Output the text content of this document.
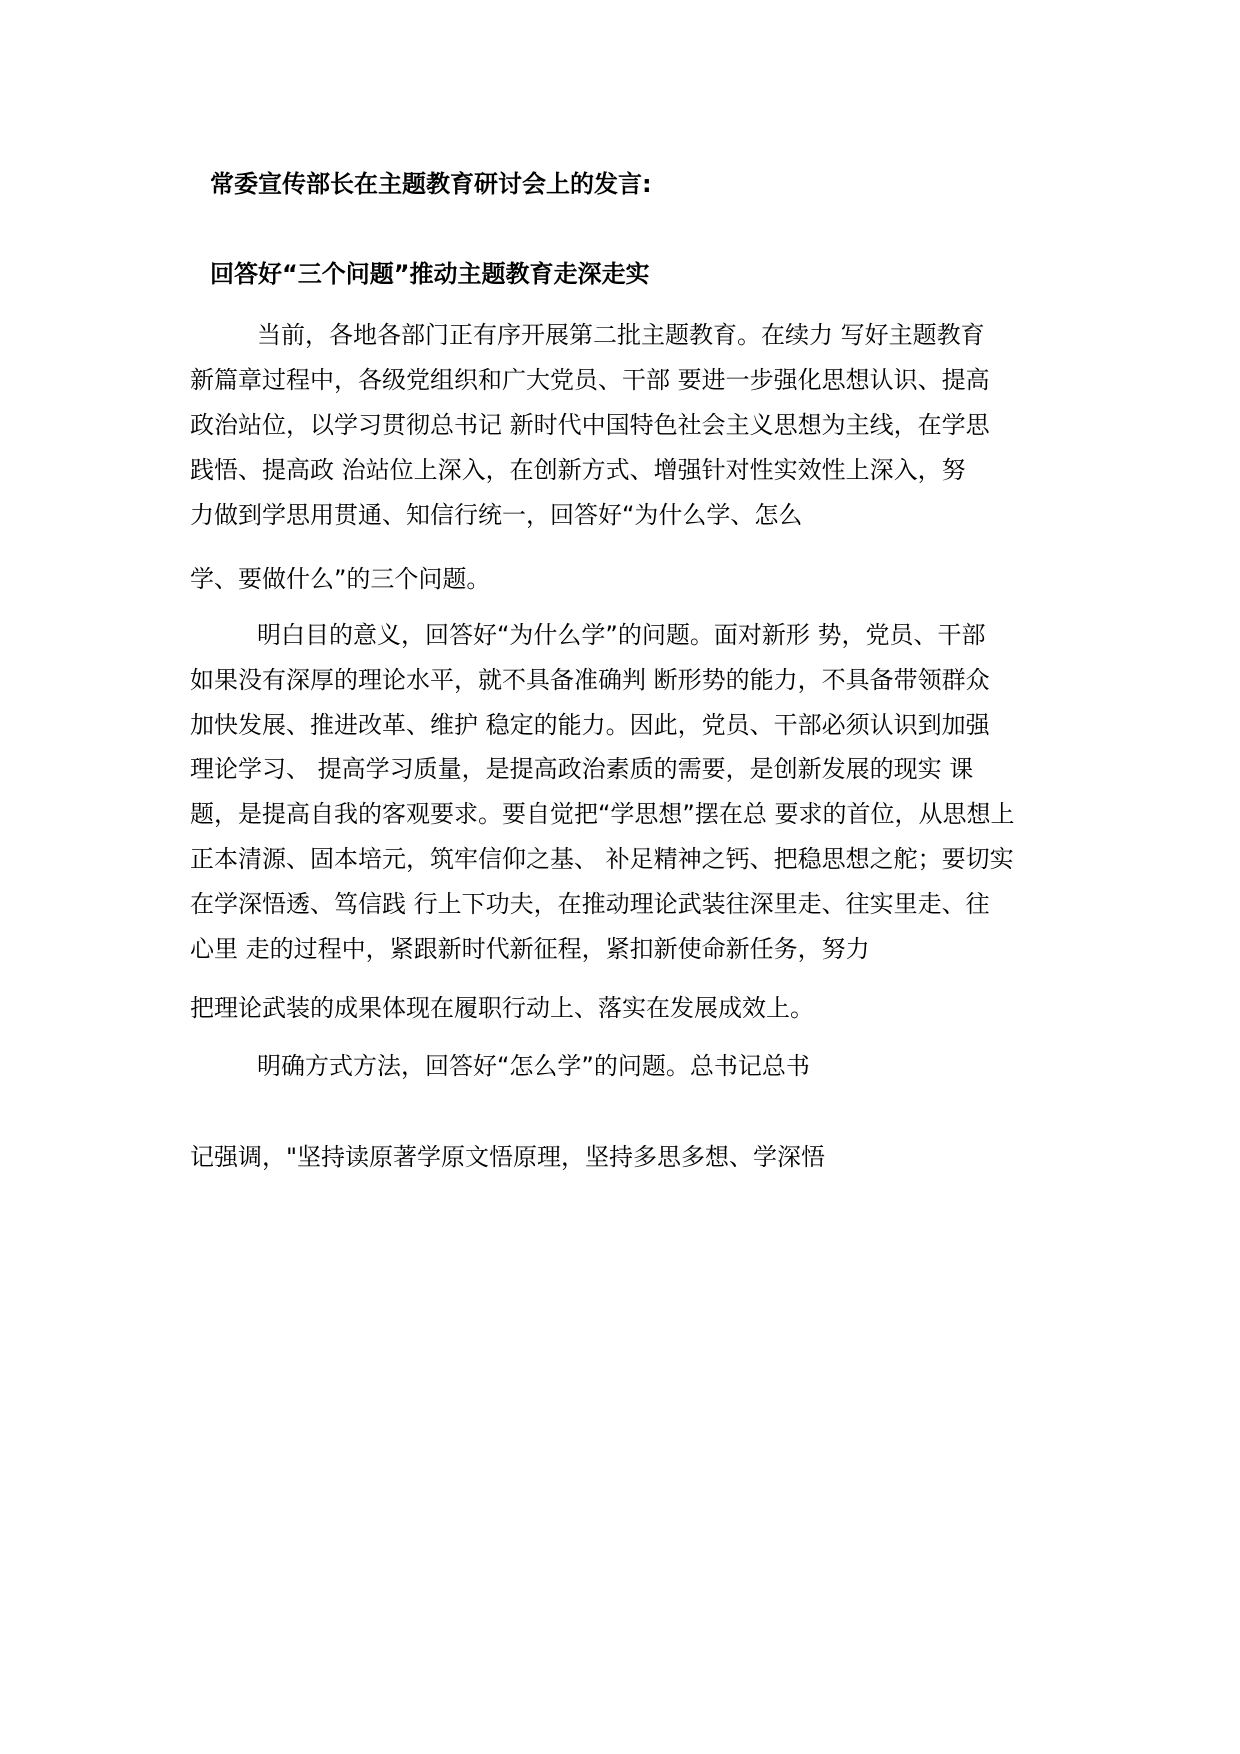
常委宣传部长在主题教育研讨会上的发言:
回答好“三个问题”推动主题教育走深走实

当前，各地各部门正有序开展第二批主题教育。在续力 写好主题教育

新篇章过程中，各级党组织和广大党员、干部 要进一步强化思想认识、提高

政治站位，以学习贯彻总书记 新时代中国特色社会主义思想为主线，在学思

践悟、提高政 治站位上深入，在创新方式、增强针对性实效性上深入，努

力做到学思用贯通、知信行统一，回答好“为什么学、怎么

学、要做什么”的三个问题。

明白目的意义，回答好“为什么学”的问题。面对新形 势，党员、干部

如果没有深厚的理论水平，就不具备准确判 断形势的能力，不具备带领群众

加快发展、推进改革、维护 稳定的能力。因此，党员、干部必须认识到加强

理论学习、 提高学习质量，是提高政治素质的需要，是创新发展的现实 课

题，是提高自我的客观要求。要自觉把“学思想”摆在总 要求的首位，从思想上

正本清源、固本培元，筑牢信仰之基、 补足精神之钙、把稳思想之舵；要切实

在学深悟透、笃信践 行上下功夫，在推动理论武装往深里走、往实里走、往

心里 走的过程中，紧跟新时代新征程，紧扣新使命新任务，努力

把理论武装的成果体现在履职行动上、落实在发展成效上。

明确方式方法，回答好“怎么学”的问题。总书记总书

记强调，"坚持读原著学原文悟原理，坚持多思多想、学深悟
